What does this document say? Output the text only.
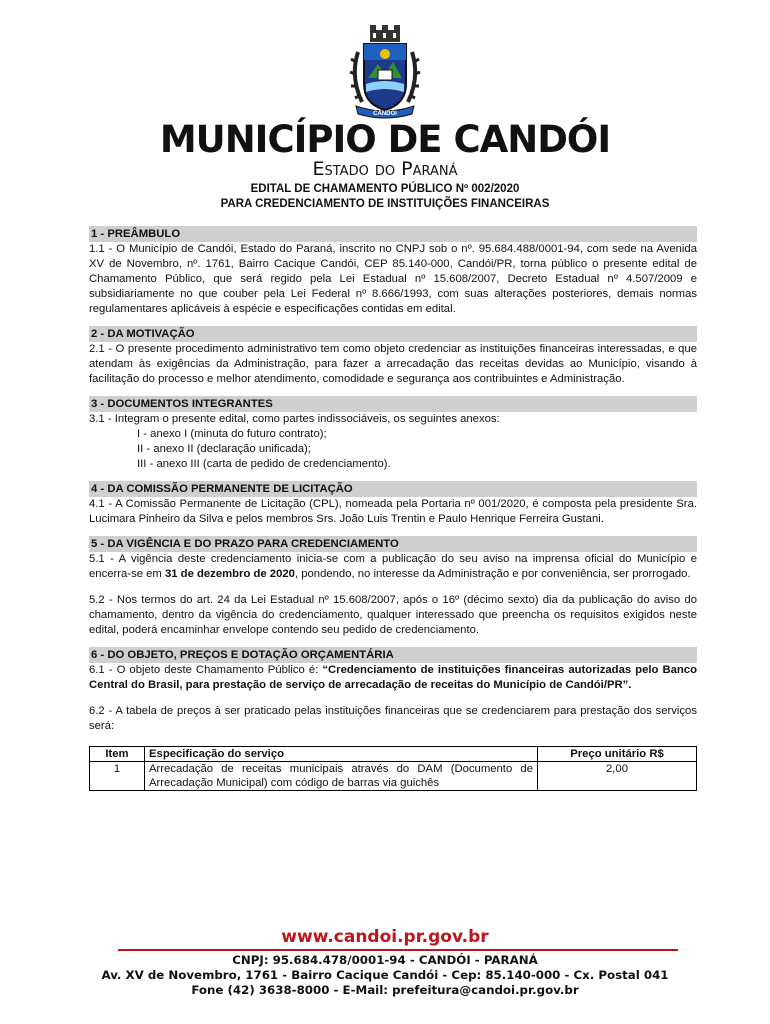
CANDÓI
MUNICÍPIO DE CANDÓI
Estado do Paraná
EDITAL DE CHAMAMENTO PÚBLICO Nº 002/2020
PARA CREDENCIAMENTO DE INSTITUIÇÕES FINANCEIRAS
1 - PREÂMBULO

1.1 - O Município de Candói, Estado do Paraná, inscrito no CNPJ sob o nº. 95.684.488/0001-94, com sede na Avenida XV de Novembro, nº. 1761, Bairro Cacique Candói, CEP 85.140-000, Candói/PR, torna público o presente edital de Chamamento Público, que será regido pela Lei Estadual nº 15.608/2007, Decreto Estadual nº 4.507/2009 e subsidiariamente no que couber pela Lei Federal nº 8.666/1993, com suas alterações posteriores, demais normas regulamentares aplicáveis à espécie e especificações contidas em edital.

2 - DA MOTIVAÇÃO

2.1 - O presente procedimento administrativo tem como objeto credenciar as instituições financeiras interessadas, e que atendam às exigências da Administração, para fazer a arrecadação das receitas devidas ao Município, visando à facilitação do processo e melhor atendimento, comodidade e segurança aos contribuintes e Administração.

3 - DOCUMENTOS INTEGRANTES

3.1 - Integram o presente edital, como partes indissociáveis, os seguintes anexos:

I - anexo I (minuta do futuro contrato);
II - anexo II (declaração unificada);
III - anexo III (carta de pedido de credenciamento).
4 - DA COMISSÃO PERMANENTE DE LICITAÇÃO

4.1 - A Comissão Permanente de Licitação (CPL), nomeada pela Portaria nº 001/2020, é composta pela presidente Sra. Lucimara Pinheiro da Silva e pelos membros Srs. João Luis Trentin e Paulo Henrique Ferreira Gustani.

5 - DA VIGÊNCIA E DO PRAZO PARA CREDENCIAMENTO

5.1 - A vigência deste credenciamento inicia-se com a publicação do seu aviso na imprensa oficial do Município e encerra-se em 31 de dezembro de 2020, pondendo, no interesse da Administração e por conveniência, ser prorrogado.

5.2 - Nos termos do art. 24 da Lei Estadual nº 15.608/2007, após o 16º (décimo sexto) dia da publicação do aviso do chamamento, dentro da vigência do credenciamento, qualquer interessado que preencha os requisitos exigidos neste edital, poderá encaminhar envelope contendo seu pedido de credenciamento.

6 - DO OBJETO, PREÇOS E DOTAÇÃO ORÇAMENTÁRIA

6.1 - O objeto deste Chamamento Público é: “Credenciamento de instituições financeiras autorizadas pelo Banco Central do Brasil, para prestação de serviço de arrecadação de receitas do Município de Candói/PR”.

6.2 - A tabela de preços à ser praticado pelas instituições financeiras que se credenciarem para prestação dos serviços será:

Item	Especificação do serviço	Preço unitário R$
1	Arrecadação de receitas municipais através do DAM (Documento de Arrecadação Municipal) com código de barras via guichês	2,00
www.candoi.pr.gov.br
CNPJ: 95.684.478/0001-94 - CANDÓI - PARANÁ
Av. XV de Novembro, 1761 - Bairro Cacique Candói - Cep: 85.140-000 - Cx. Postal 041
Fone (42) 3638-8000 - E-Mail: prefeitura@candoi.pr.gov.br
